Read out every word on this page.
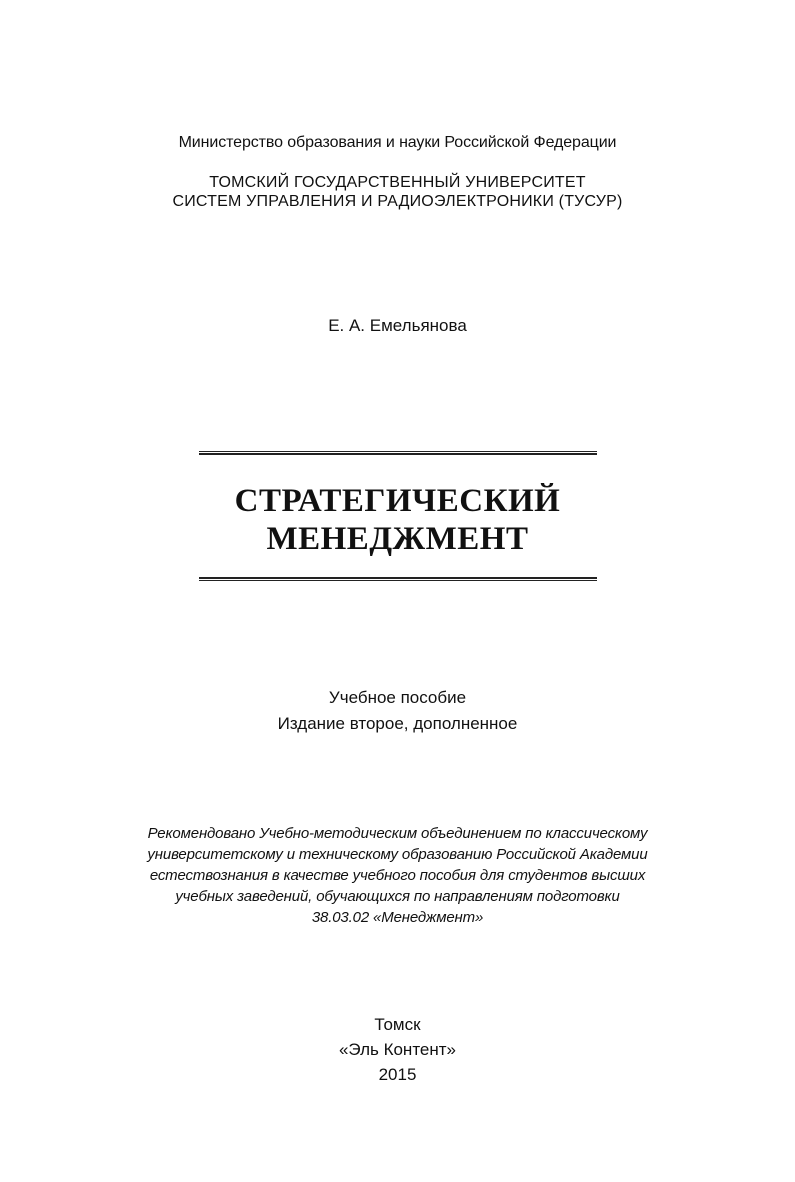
Министерство образования и науки Российской Федерации
ТОМСКИЙ ГОСУДАРСТВЕННЫЙ УНИВЕРСИТЕТ
СИСТЕМ УПРАВЛЕНИЯ И РАДИОЭЛЕКТРОНИКИ (ТУСУР)
Е. А. Емельянова
СТРАТЕГИЧЕСКИЙ
МЕНЕДЖМЕНТ
Учебное пособие
Издание второе, дополненное
Рекомендовано Учебно-методическим объединением по классическому
университетскому и техническому образованию Российской Академии
естествознания в качестве учебного пособия для студентов высших
учебных заведений, обучающихся по направлениям подготовки
38.03.02 «Менеджмент»
Томск
«Эль Контент»
2015
